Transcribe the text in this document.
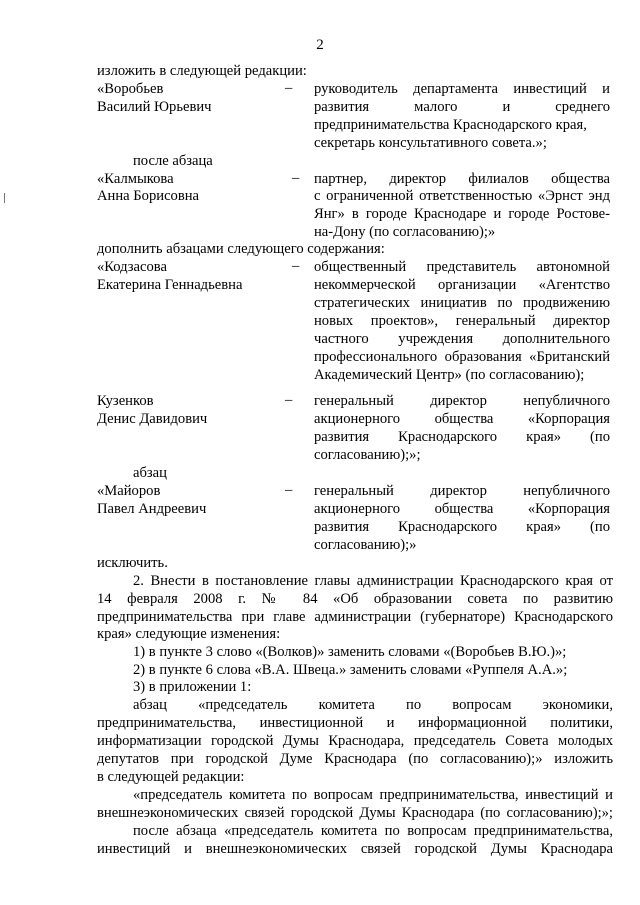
2
изложить в следующей редакции:
«Воробьев
Василий Юрьевич
– руководитель департамента инвестиций и
развития малого и среднего
предпринимательства Краснодарского края,
секретарь консультативного совета.»;
после абзаца
«Калмыкова
Анна Борисовна
– партнер, директор филиалов общества
с ограниченной ответственностью «Эрнст энд
Янг» в городе Краснодаре и городе Ростове-
на-Дону (по согласованию);»
дополнить абзацами следующего содержания:
«Кодзасова
Екатерина Геннадьевна
– общественный представитель автономной
некоммерческой организации «Агентство
стратегических инициатив по продвижению
новых проектов», генеральный директор
частного учреждения дополнительного
профессионального образования «Британский
Академический Центр» (по согласованию);
Кузенков
Денис Давидович
– генеральный директор непубличного
акционерного общества «Корпорация
развития Краснодарского края» (по
согласованию);»;
абзац
«Майоров
Павел Андреевич
– генеральный директор непубличного
акционерного общества «Корпорация
развития Краснодарского края» (по
согласованию);»
исключить.
2. Внести в постановление главы администрации Краснодарского края от
14 февраля 2008 г. № 84 «Об образовании совета по развитию
предпринимательства при главе администрации (губернаторе) Краснодарского
края» следующие изменения:
1) в пункте 3 слово «(Волков)» заменить словами «(Воробьев В.Ю.)»;
2) в пункте 6 слова «В.А. Швеца.» заменить словами «Руппеля А.А.»;
3) в приложении 1:
абзац «председатель комитета по вопросам экономики,
предпринимательства, инвестиционной и информационной политики,
информатизации городской Думы Краснодара, председатель Совета молодых
депутатов при городской Думе Краснодара (по согласованию);» изложить
в следующей редакции:
«председатель комитета по вопросам предпринимательства, инвестиций и
внешнеэкономических связей городской Думы Краснодара (по согласованию);»;
после абзаца «председатель комитета по вопросам предпринимательства,
инвестиций и внешнеэкономических связей городской Думы Краснодара
